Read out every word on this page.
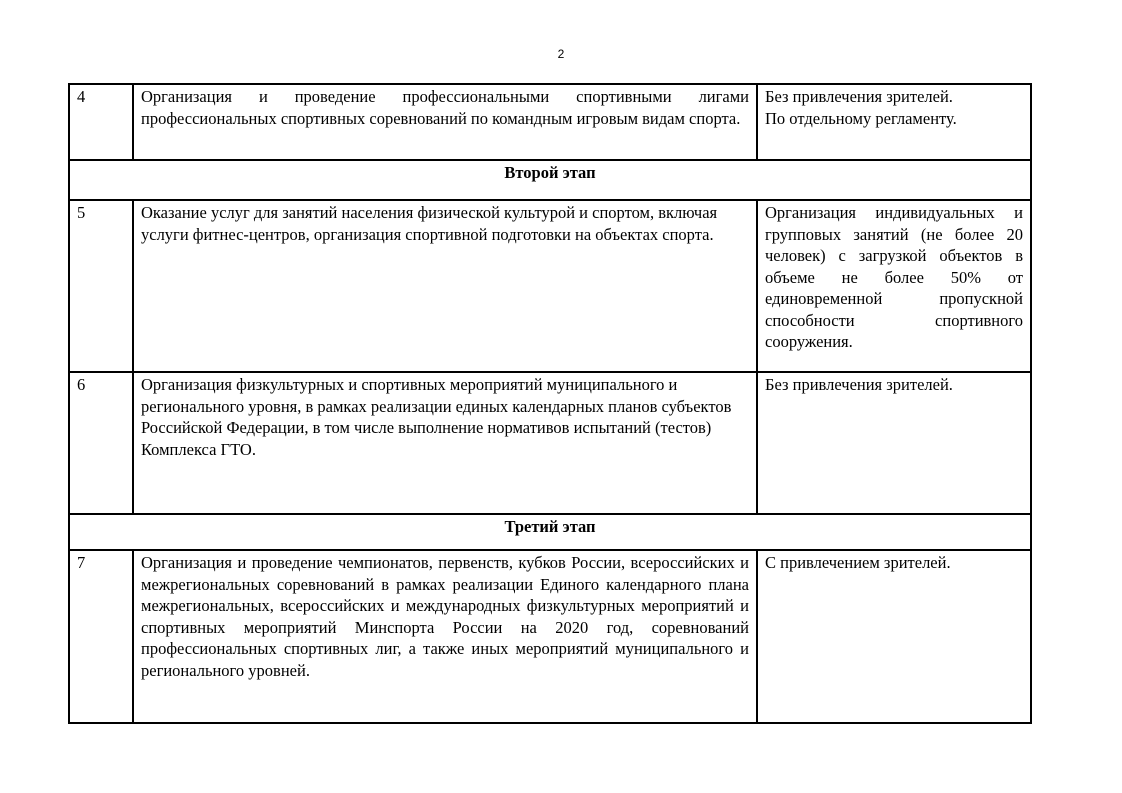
2
4	Организация и проведение профессиональными спортивными лигами профессиональных спортивных соревнований по командным игровым видам спорта.	Без привлечения зрителей.
По отдельному регламенту.

Второй этап		
5	Оказание услуг для занятий населения физической культурой и спортом, включая услуги фитнес-центров, организация спортивной подготовки на объектах спорта.	Организация индивидуальных и групповых занятий (не более 20 человек) с загрузкой объектов в объеме не более 50% от единовременной пропускной способности спортивного сооружения.
6	Организация физкультурных и спортивных мероприятий муниципального и регионального уровня, в рамках реализации единых календарных планов субъектов Российской Федерации, в том числе выполнение нормативов испытаний (тестов) Комплекса ГТО.	Без привлечения зрителей.
Третий этап		
7	Организация и проведение чемпионатов, первенств, кубков России, всероссийских и межрегиональных соревнований в рамках реализации Единого календарного плана межрегиональных, всероссийских и международных физкультурных мероприятий и спортивных мероприятий Минспорта России на 2020 год, соревнований профессиональных спортивных лиг, а также иных мероприятий муниципального и регионального уровней.	С привлечением зрителей.
